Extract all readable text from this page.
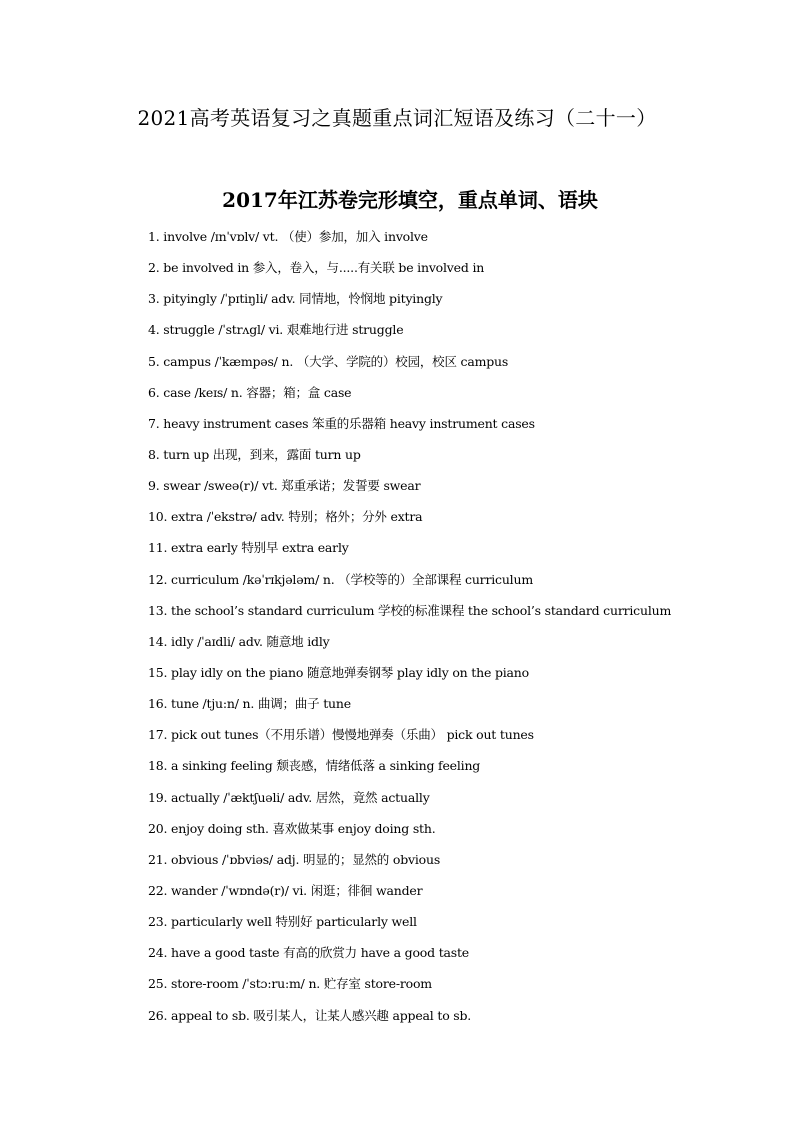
2021高考英语复习之真题重点词汇短语及练习（二十一）
2017年江苏卷完形填空，重点单词、语块
1. involve /ɪnˈvɒlv/ vt. （使）参加，加入 involve
2. be involved in 参入，卷入，与.....有关联 be involved in
3. pityingly /ˈpɪtiŋli/ adv. 同情地，怜悯地 pityingly
4. struggle /ˈstrʌgl/ vi. 艰难地行进 struggle
5. campus /ˈkæmpəs/ n. （大学、学院的）校园，校区 campus
6. case /keɪs/ n. 容器；箱；盒 case
7. heavy instrument cases 笨重的乐器箱 heavy instrument cases
8. turn up 出现，到来，露面 turn up
9. swear /sweə(r)/ vt. 郑重承诺；发誓要 swear
10. extra /ˈekstrə/ adv. 特别；格外；分外 extra
11. extra early 特别早 extra early
12. curriculum /kəˈrɪkjələm/ n. （学校等的）全部课程 curriculum
13. the school’s standard curriculum 学校的标准课程 the school’s standard curriculum
14. idly /ˈaɪdli/ adv. 随意地 idly
15. play idly on the piano 随意地弹奏钢琴 play idly on the piano
16. tune /tju:n/ n. 曲调；曲子 tune
17. pick out tunes（不用乐谱）慢慢地弹奏（乐曲） pick out tunes
18. a sinking feeling 颓丧感，情绪低落 a sinking feeling
19. actually /ˈæktʃuəli/ adv. 居然，竟然 actually
20. enjoy doing sth. 喜欢做某事 enjoy doing sth.
21. obvious /ˈɒbviəs/ adj. 明显的；显然的 obvious
22. wander /ˈwɒndə(r)/ vi. 闲逛；徘徊 wander
23. particularly well 特别好 particularly well
24. have a good taste 有高的欣赏力 have a good taste
25. store-room /ˈstɔ:ru:m/ n. 贮存室 store-room
26. appeal to sb. 吸引某人，让某人感兴趣 appeal to sb.
